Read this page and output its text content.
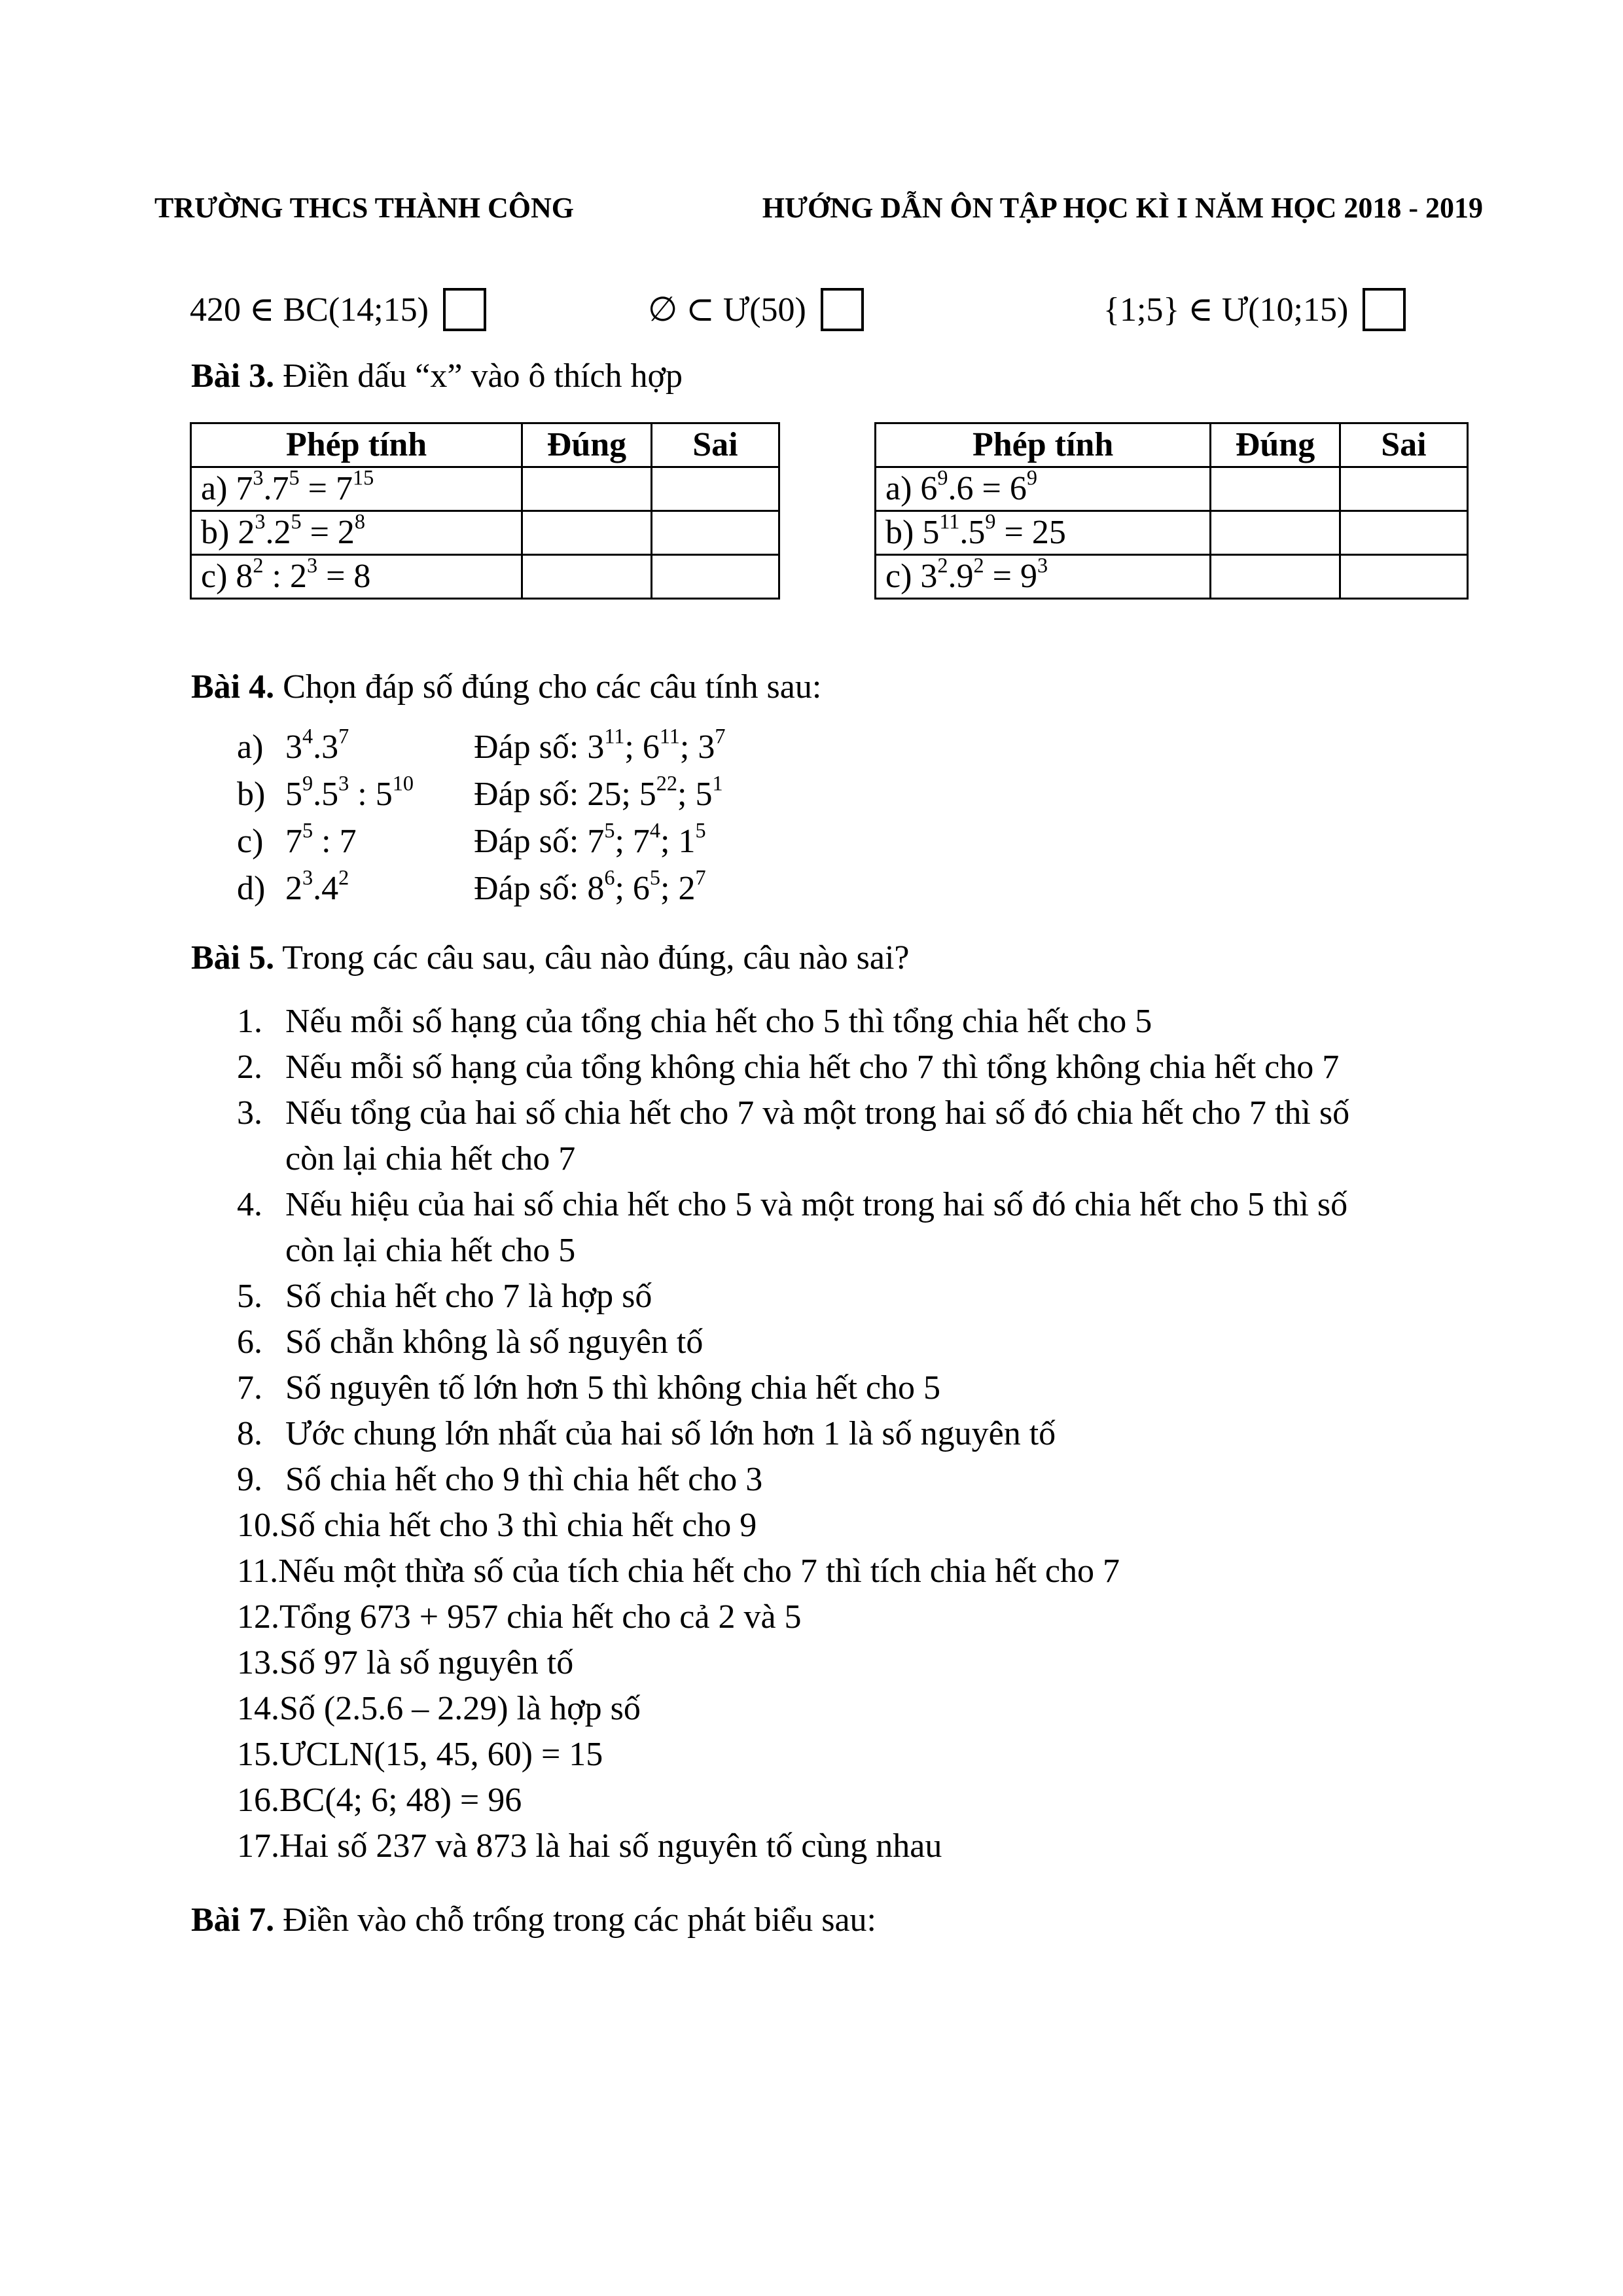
TRƯỜNG THCS THÀNH CÔNG	HƯỚNG DẪN ÔN TẬP HỌC KÌ I NĂM HỌC 2018 - 2019
420 ∈ BC(14;15)	∅ ⊂ Ư(50)	{1;5} ∈ Ư(10;15)
Bài 3. Điền dấu “x” vào ô thích hợp
Phép tính	Đúng	Sai
a) $7^3.7^5 = 7^{15}$		
b) $2^3.2^5 = 2^8$		
c) $8^2$ : $2^3 = 8$		
Phép tính	Đúng	Sai
a) $6^9.6 = 6^9$		
b) $5^{11}.5^9 = 25$		
c) $3^2.9^2 = 9^3$		
Bài 4. Chọn đáp số đúng cho các câu tính sau:
a) $3^4.3^7$	Đáp số: $3^{11}$; $6^{11}$; $3^7$
b) $5^9.5^3$ : $5^{10}$ Đáp số: 25; $5^{22}$; $5^1$
c) $7^5$ : 7	Đáp số: $7^5$; $7^4$; $1^5$
d) $2^3.4^2$	Đáp số: $8^6$; $6^5$; $2^7$
Bài 5. Trong các câu sau, câu nào đúng, câu nào sai?
1. Nếu mỗi số hạng của tổng chia hết cho 5 thì tổng chia hết cho 5
2. Nếu mỗi số hạng của tổng không chia hết cho 7 thì tổng không chia hết cho 7
3. Nếu tổng của hai số chia hết cho 7 và một trong hai số đó chia hết cho 7 thì số
còn lại chia hết cho 7
4. Nếu hiệu của hai số chia hết cho 5 và một trong hai số đó chia hết cho 5 thì số
còn lại chia hết cho 5
5. Số chia hết cho 7 là hợp số
6. Số chẵn không là số nguyên tố
7. Số nguyên tố lớn hơn 5 thì không chia hết cho 5
8. Ước chung lớn nhất của hai số lớn hơn 1 là số nguyên tố
9. Số chia hết cho 9 thì chia hết cho 3
10.Số chia hết cho 3 thì chia hết cho 9
11.Nếu một thừa số của tích chia hết cho 7 thì tích chia hết cho 7
12.Tổng 673 + 957 chia hết cho cả 2 và 5
13.Số 97 là số nguyên tố
14.Số (2.5.6 – 2.29) là hợp số
15.ƯCLN(15, 45, 60) = 15
16.BC(4; 6; 48) = 96
17.Hai số 237 và 873 là hai số nguyên tố cùng nhau
Bài 7. Điền vào chỗ trống trong các phát biểu sau:
